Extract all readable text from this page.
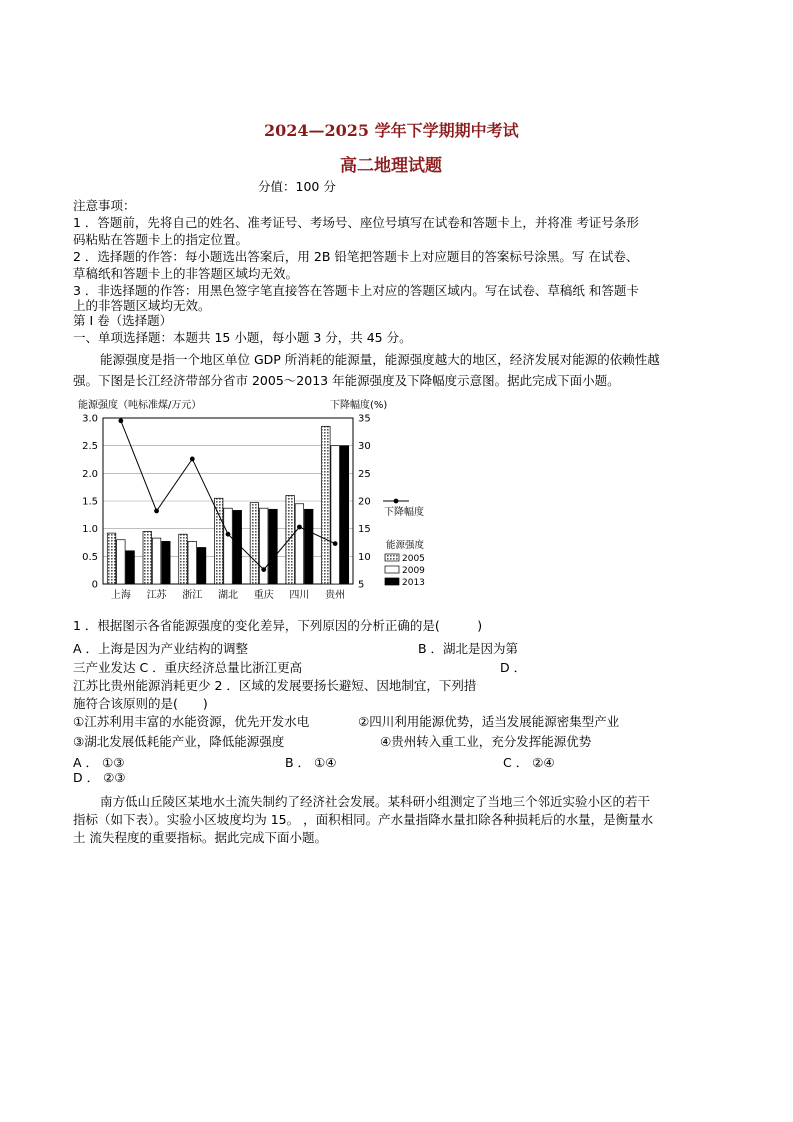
2024—2025 学年下学期期中考试
高二地理试题
分值：100 分
注意事项：
1 ．答题前，先将自己的姓名、准考证号、考场号、座位号填写在试卷和答题卡上，并将准 考证号条形
码粘贴在答题卡上的指定位置。
2 ．选择题的作答：每小题选出答案后，用 2B 铅笔把答题卡上对应题目的答案标号涂黑。写 在试卷、
草稿纸和答题卡上的非答题区域均无效。
3 ．非选择题的作答：用黑色签字笔直接答在答题卡上对应的答题区域内。写在试卷、草稿纸 和答题卡
上的非答题区域均无效。
第 I 卷（选择题）
一、单项选择题：本题共 15 小题，每小题 3 分，共 45 分。
能源强度是指一个地区单位 GDP 所消耗的能源量，能源强度越大的地区，经济发展对能源的依赖性越
强。下图是长江经济带部分省市 2005～2013 年能源强度及下降幅度示意图。据此完成下面小题。
能源强度（吨标准煤/万元）	下降幅度(%)
0
0.5
1.0
1.5
2.0
2.5
3.0
5
10
15
20
25
30
35
上海 江苏 浙江 湖北 重庆 四川 贵州
下降幅度
能源强度
2005
2009
2013
1 ．根据图示各省能源强度的变化差异，下列原因的分析正确的是(　　　)
A ．上海是因为产业结构的调整	B ．湖北是因为第
三产业发达 C ．重庆经济总量比浙江更高	D ．
江苏比贵州能源消耗更少 2 ．区域的发展要扬长避短、因地制宜，下列措
施符合该原则的是(　　)
①江苏利用丰富的水能资源，优先开发水电	②四川利用能源优势，适当发展能源密集型产业
③湖北发展低耗能产业，降低能源强度	④贵州转入重工业，充分发挥能源优势
A ． ①③	B ． ①④	C ． ②④
D ． ②③
南方低山丘陵区某地水土流失制约了经济社会发展。某科研小组测定了当地三个邻近实验小区的若干
指标（如下表）。实验小区坡度均为 15。 ，面积相同。产水量指降水量扣除各种损耗后的水量，是衡量水
土 流失程度的重要指标。据此完成下面小题。
